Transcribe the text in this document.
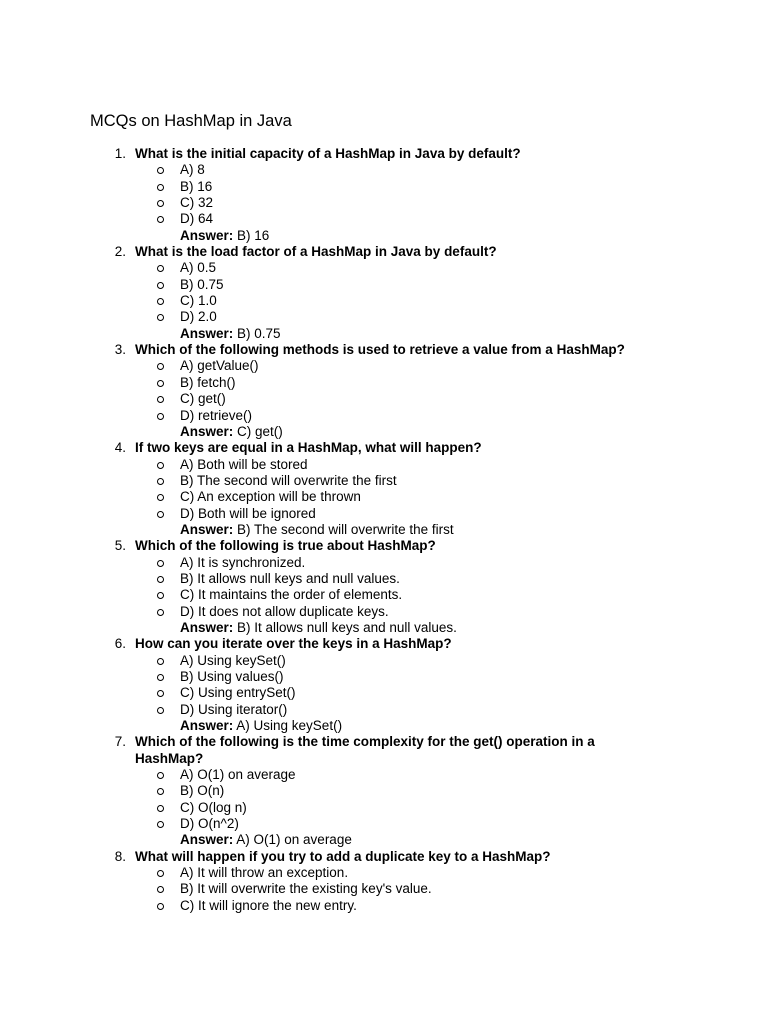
MCQs on HashMap in Java
1. What is the initial capacity of a HashMap in Java by default?
A) 8
B) 16
C) 32
D) 64
Answer: B) 16
2. What is the load factor of a HashMap in Java by default?
A) 0.5
B) 0.75
C) 1.0
D) 2.0
Answer: B) 0.75
3. Which of the following methods is used to retrieve a value from a HashMap?
A) getValue()
B) fetch()
C) get()
D) retrieve()
Answer: C) get()
4. If two keys are equal in a HashMap, what will happen?
A) Both will be stored
B) The second will overwrite the first
C) An exception will be thrown
D) Both will be ignored
Answer: B) The second will overwrite the first
5. Which of the following is true about HashMap?
A) It is synchronized.
B) It allows null keys and null values.
C) It maintains the order of elements.
D) It does not allow duplicate keys.
Answer: B) It allows null keys and null values.
6. How can you iterate over the keys in a HashMap?
A) Using keySet()
B) Using values()
C) Using entrySet()
D) Using iterator()
Answer: A) Using keySet()
7. Which of the following is the time complexity for the get() operation in a HashMap?
A) O(1) on average
B) O(n)
C) O(log n)
D) O(n^2)
Answer: A) O(1) on average
8. What will happen if you try to add a duplicate key to a HashMap?
A) It will throw an exception.
B) It will overwrite the existing key's value.
C) It will ignore the new entry.
